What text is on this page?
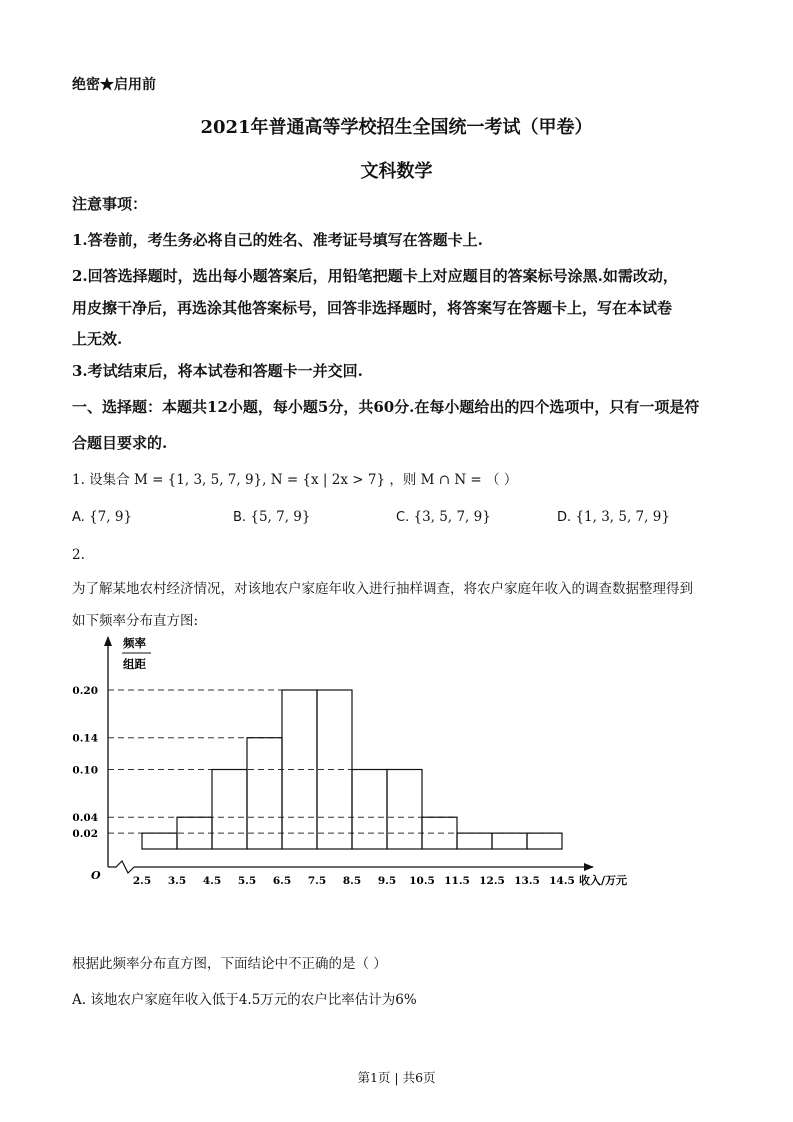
绝密★启用前
2021年普通高等学校招生全国统一考试（甲卷）
文科数学
注意事项：
1.答卷前，考生务必将自己的姓名、准考证号填写在答题卡上.
2.回答选择题时，选出每小题答案后，用铅笔把题卡上对应题目的答案标号涂黑.如需改动，
用皮擦干净后，再选涂其他答案标号，回答非选择题时，将答案写在答题卡上，写在本试卷
上无效.
3.考试结束后，将本试卷和答题卡一并交回.
一、选择题：本题共12小题，每小题5分，共60分.在每小题给出的四个选项中，只有一项是符
合题目要求的.
1. 设集合 M = {1, 3, 5, 7, 9}, N = {x | 2x > 7} ，则 M ∩ N = （ ）
A. {7, 9}	B. {5, 7, 9}	C. {3, 5, 7, 9}	D. {1, 3, 5, 7, 9}
2.
为了解某地农村经济情况，对该地农户家庭年收入进行抽样调查，将农户家庭年收入的调查数据整理得到
如下频率分布直方图:
频率
组距
O	收入/万元
0.20
0.14
0.10
0.04
0.02
2.5 3.5 4.5 5.5 6.5 7.5 8.5 9.5 10.5 11.5 12.5 13.5 14.5
根据此频率分布直方图，下面结论中不正确的是（ ）
A. 该地农户家庭年收入低于4.5万元的农户比率估计为6%
第1页 | 共6页
